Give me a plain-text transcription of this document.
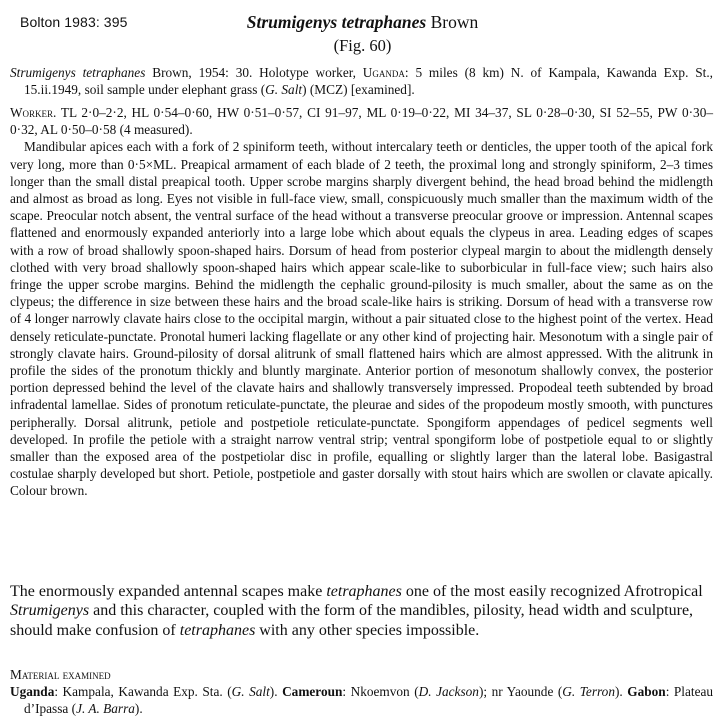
Bolton 1983: 395	Strumigenys tetraphanes Brown
(Fig. 60)

Strumigenys tetraphanes Brown, 1954: 30. Holotype worker, Uganda: 5 miles (8 km) N. of Kampala, Kawanda Exp. St., 15.ii.1949, soil sample under elephant grass (G. Salt) (MCZ) [examined].

Worker. TL 2·0–2·2, HL 0·54–0·60, HW 0·51–0·57, CI 91–97, ML 0·19–0·22, MI 34–37, SL 0·28–0·30, SI 52–55, PW 0·30–0·32, AL 0·50–0·58 (4 measured).

Mandibular apices each with a fork of 2 spiniform teeth, without intercalary teeth or denticles, the upper tooth of the apical fork very long, more than 0·5×ML. Preapical armament of each blade of 2 teeth, the proximal long and strongly spiniform, 2–3 times longer than the small distal preapical tooth. Upper scrobe margins sharply divergent behind, the head broad behind the midlength and almost as broad as long. Eyes not visible in full-face view, small, conspicuously much smaller than the maximum width of the scape. Preocular notch absent, the ventral surface of the head without a transverse preocular groove or impression. Antennal scapes flattened and enormously expanded anteriorly into a large lobe which about equals the clypeus in area. Leading edges of scapes with a row of broad shallowly spoon-shaped hairs. Dorsum of head from posterior clypeal margin to about the midlength densely clothed with very broad shallowly spoon-shaped hairs which appear scale-like to suborbicular in full-face view; such hairs also fringe the upper scrobe margins. Behind the midlength the cephalic ground-pilosity is much smaller, about the same as on the clypeus; the difference in size between these hairs and the broad scale-like hairs is striking. Dorsum of head with a transverse row of 4 longer narrowly clavate hairs close to the occipital margin, without a pair situated close to the highest point of the vertex. Head densely reticulate-punctate. Pronotal humeri lacking flagellate or any other kind of projecting hair. Mesonotum with a single pair of strongly clavate hairs. Ground-pilosity of dorsal alitrunk of small flattened hairs which are almost appressed. With the alitrunk in profile the sides of the pronotum thickly and bluntly marginate. Anterior portion of mesonotum shallowly convex, the posterior portion depressed behind the level of the clavate hairs and shallowly transversely impressed. Propodeal teeth subtended by broad infradental lamellae. Sides of pronotum reticulate-punctate, the pleurae and sides of the propodeum mostly smooth, with punctures peripherally. Dorsal alitrunk, petiole and postpetiole reticulate-punctate. Spongiform appendages of pedicel segments well developed. In profile the petiole with a straight narrow ventral strip; ventral spongiform lobe of postpetiole equal to or slightly smaller than the exposed area of the postpetiolar disc in profile, equalling or slightly larger than the lateral lobe. Basigastral costulae sharply developed but short. Petiole, postpetiole and gaster dorsally with stout hairs which are swollen or clavate apically. Colour brown.

The enormously expanded antennal scapes make tetraphanes one of the most easily recognized Afrotropical Strumigenys and this character, coupled with the form of the mandibles, pilosity, head width and sculpture, should make confusion of tetraphanes with any other species impossible.

Material examined

Uganda: Kampala, Kawanda Exp. Sta. (G. Salt). Cameroun: Nkoemvon (D. Jackson); nr Yaounde (G. Terron). Gabon: Plateau d’Ipassa (J. A. Barra).
